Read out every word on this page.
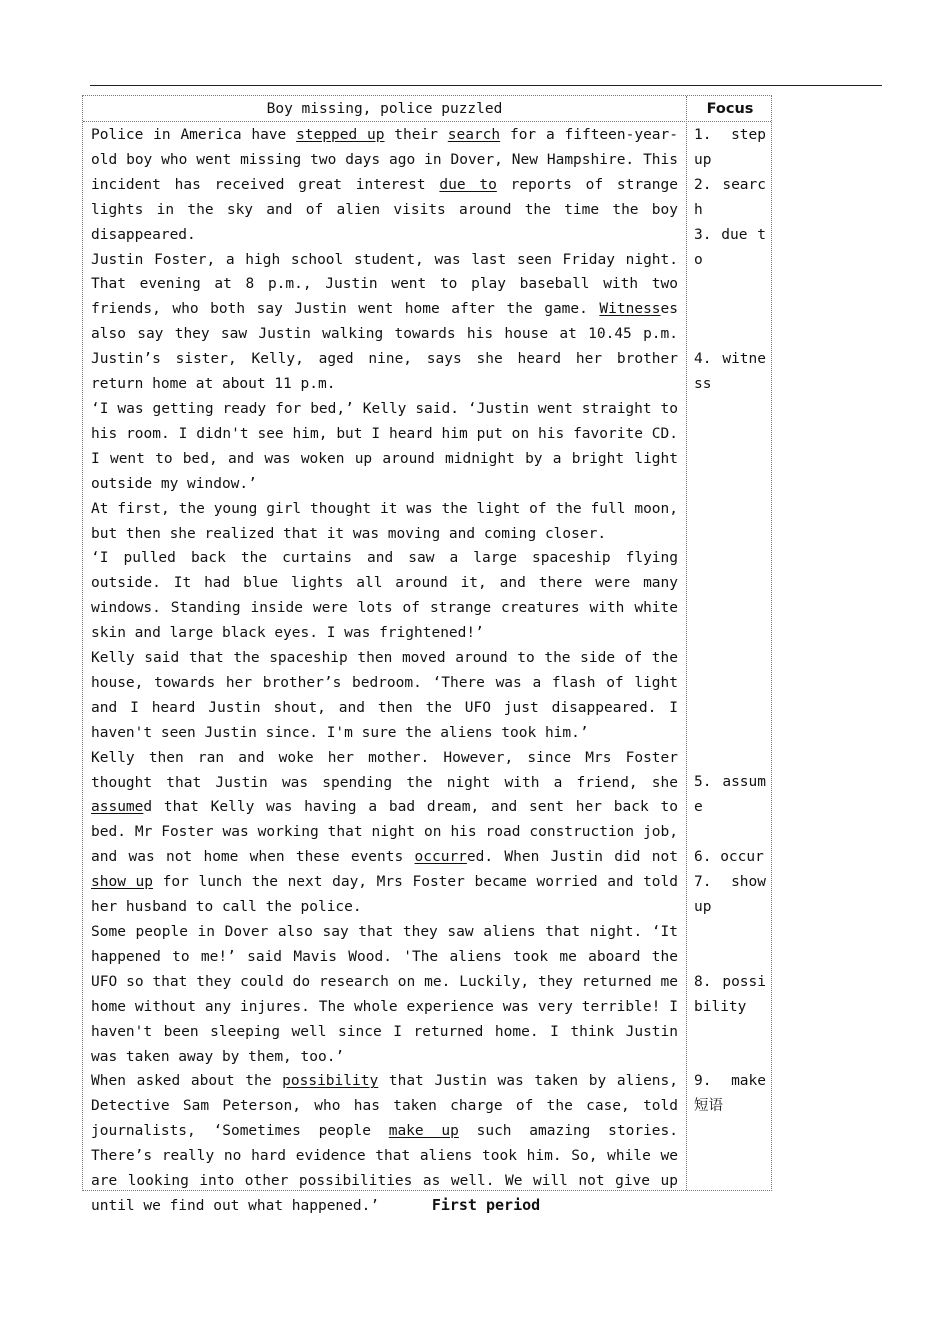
Boy missing, police puzzled	Focus

Police in America have stepped up their search for a fifteen-year-old boy who went missing two days ago in Dover, New Hampshire. This incident has received great interest due to reports of strange lights in the sky and of alien visits around the time the boy disappeared.

Justin Foster, a high school student, was last seen Friday night. That evening at 8 p.m., Justin went to play baseball with two friends, who both say Justin went home after the game. Witnesses also say they saw Justin walking towards his house at 10.45 p.m. Justin’s sister, Kelly, aged nine, says she heard her brother return home at about 11 p.m.

‘I was getting ready for bed,’ Kelly said. ‘Justin went straight to his room. I didn't see him, but I heard him put on his favorite CD. I went to bed, and was woken up around midnight by a bright light outside my window.’

At first, the young girl thought it was the light of the full moon, but then she realized that it was moving and coming closer.

‘I pulled back the curtains and saw a large spaceship flying outside. It had blue lights all around it, and there were many windows. Standing inside were lots of strange creatures with white skin and large black eyes. I was frightened!’

Kelly said that the spaceship then moved around to the side of the house, towards her brother’s bedroom. ‘There was a flash of light and I heard Justin shout, and then the UFO just disappeared. I haven't seen Justin since. I'm sure the aliens took him.’

Kelly then ran and woke her mother. However, since Mrs Foster thought that Justin was spending the night with a friend, she assumed that Kelly was having a bad dream, and sent her back to bed. Mr Foster was working that night on his road construction job, and was not home when these events occurred. When Justin did not show up for lunch the next day, Mrs Foster became worried and told her husband to call the police.

Some people in Dover also say that they saw aliens that night. ‘It happened to me!’ said Mavis Wood. 'The aliens took me aboard the UFO so that they could do research on me. Luckily, they returned me home without any injures. The whole experience was very terrible! I haven't been sleeping well since I returned home. I think Justin was taken away by them, too.’

When asked about the possibility that Justin was taken by aliens, Detective Sam Peterson, who has taken charge of the case, told journalists, ‘Sometimes people make up such amazing stories. There’s really no hard evidence that aliens took him. So, while we are looking into other possibilities as well. We will not give up until we find out what happened.’

1. step up
2. search
3. due to
4. witness
5. assume
6. occur
7. show up
8. possibility
9. make 短语
First period
